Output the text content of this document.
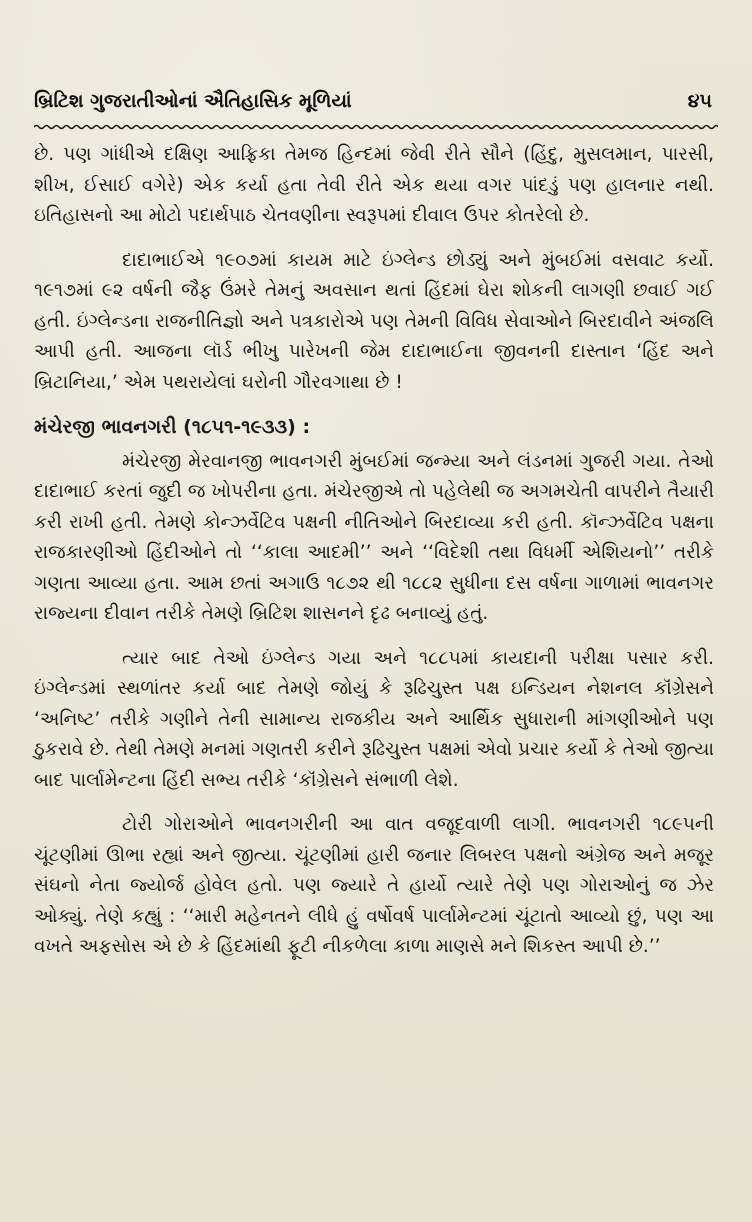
બ્રિટિશ ગુજરાતીઓનાં ઐતિહાસિક મૂળિયાં	૪૫

છે. પણ ગાંધીએ દક્ષિણ આફ્રિકા તેમજ હિન્દમાં જેવી રીતે સૌને (હિંદુ, મુસલમાન, પારસી, શીખ, ઈસાઈ વગેરે) એક કર્યા હતા તેવી રીતે એક થયા વગર પાંદડું પણ હાલનાર નથી. ઇતિહાસનો આ મોટો પદાર્થપાઠ ચેતવણીના સ્વરૂપમાં દીવાલ ઉપર કોતરેલો છે.

દાદાભાઈએ ૧૯૦૭માં કાયમ માટે ઇંગ્લેન્ડ છોડ્યું અને મુંબઈમાં વસવાટ કર્યો. ૧૯૧૭માં ૯૨ વર્ષની જૈફ ઉંમરે તેમનું અવસાન થતાં હિંદમાં ઘેરા શોકની લાગણી છવાઈ ગઈ હતી. ઇંગ્લેન્ડના રાજનીતિજ્ઞો અને પત્રકારોએ પણ તેમની વિવિધ સેવાઓને બિરદાવીને અંજલિ આપી હતી. આજના લૉર્ડ ભીખુ પારેખની જેમ દાદાભાઈના જીવનની દાસ્તાન ‘હિંદ અને બ્રિટાનિયા,’ એમ પથરાયેલાં ઘરોની ગૌરવગાથા છે !

મંચેરજી ભાવનગરી (૧૮૫૧-૧૯૩૩) :

મંચેરજી મેરવાનજી ભાવનગરી મુંબઈમાં જન્મ્યા અને લંડનમાં ગુજરી ગયા. તેઓ દાદાભાઈ કરતાં જુદી જ ખોપરીના હતા. મંચેરજીએ તો પહેલેથી જ અગમચેતી વાપરીને તૈયારી કરી રાખી હતી. તેમણે કોન્ઝર્વેટિવ પક્ષની નીતિઓને બિરદાવ્યા કરી હતી. કૉન્ઝર્વેટિવ પક્ષના રાજકારણીઓ હિંદીઓને તો ‘‘કાલા આદમી’’ અને ‘‘વિદેશી તથા વિધર્મી એશિયનો’’ તરીકે ગણતા આવ્યા હતા. આમ છતાં અગાઉ ૧૮૭૨ થી ૧૮૮૨ સુધીના દસ વર્ષના ગાળામાં ભાવનગર રાજ્યના દીવાન તરીકે તેમણે બ્રિટિશ શાસનને દૃઢ બનાવ્યું હતું.

ત્યાર બાદ તેઓ ઇંગ્લેન્ડ ગયા અને ૧૮૮૫માં કાયદાની પરીક્ષા પસાર કરી. ઇંગ્લેન્ડમાં સ્થળાંતર કર્યા બાદ તેમણે જોયું કે રૂઢિચુસ્ત પક્ષ ઇન્ડિયન નેશનલ કૉંગ્રેસને ‘અનિષ્ટ’ તરીકે ગણીને તેની સામાન્ય રાજકીય અને આર્થિક સુધારાની માંગણીઓને પણ ઠુકરાવે છે. તેથી તેમણે મનમાં ગણતરી કરીને રૂઢિચુસ્ત પક્ષમાં એવો પ્રચાર કર્યો કે તેઓ જીત્યા બાદ પાર્લામેન્ટના હિંદી સભ્ય તરીકે ‘કૉંગ્રેસને સંભાળી લેશે.

ટોરી ગોરાઓને ભાવનગરીની આ વાત વજૂદવાળી લાગી. ભાવનગરી ૧૮૯૫ની ચૂંટણીમાં ઊભા રહ્યાં અને જીત્યા. ચૂંટણીમાં હારી જનાર લિબરલ પક્ષનો અંગ્રેજ અને મજૂર સંઘનો નેતા જ્યોર્જ હોવેલ હતો. પણ જ્યારે તે હાર્યો ત્યારે તેણે પણ ગોરાઓનું જ ઝેર ઓક્યું. તેણે કહ્યું : ‘‘મારી મહેનતને લીધે હું વર્ષોવર્ષ પાર્લામેન્ટમાં ચૂંટાતો આવ્યો છું, પણ આ વખતે અફસોસ એ છે કે હિંદમાંથી ફૂટી નીકળેલા કાળા માણસે મને શિકસ્ત આપી છે.’’
